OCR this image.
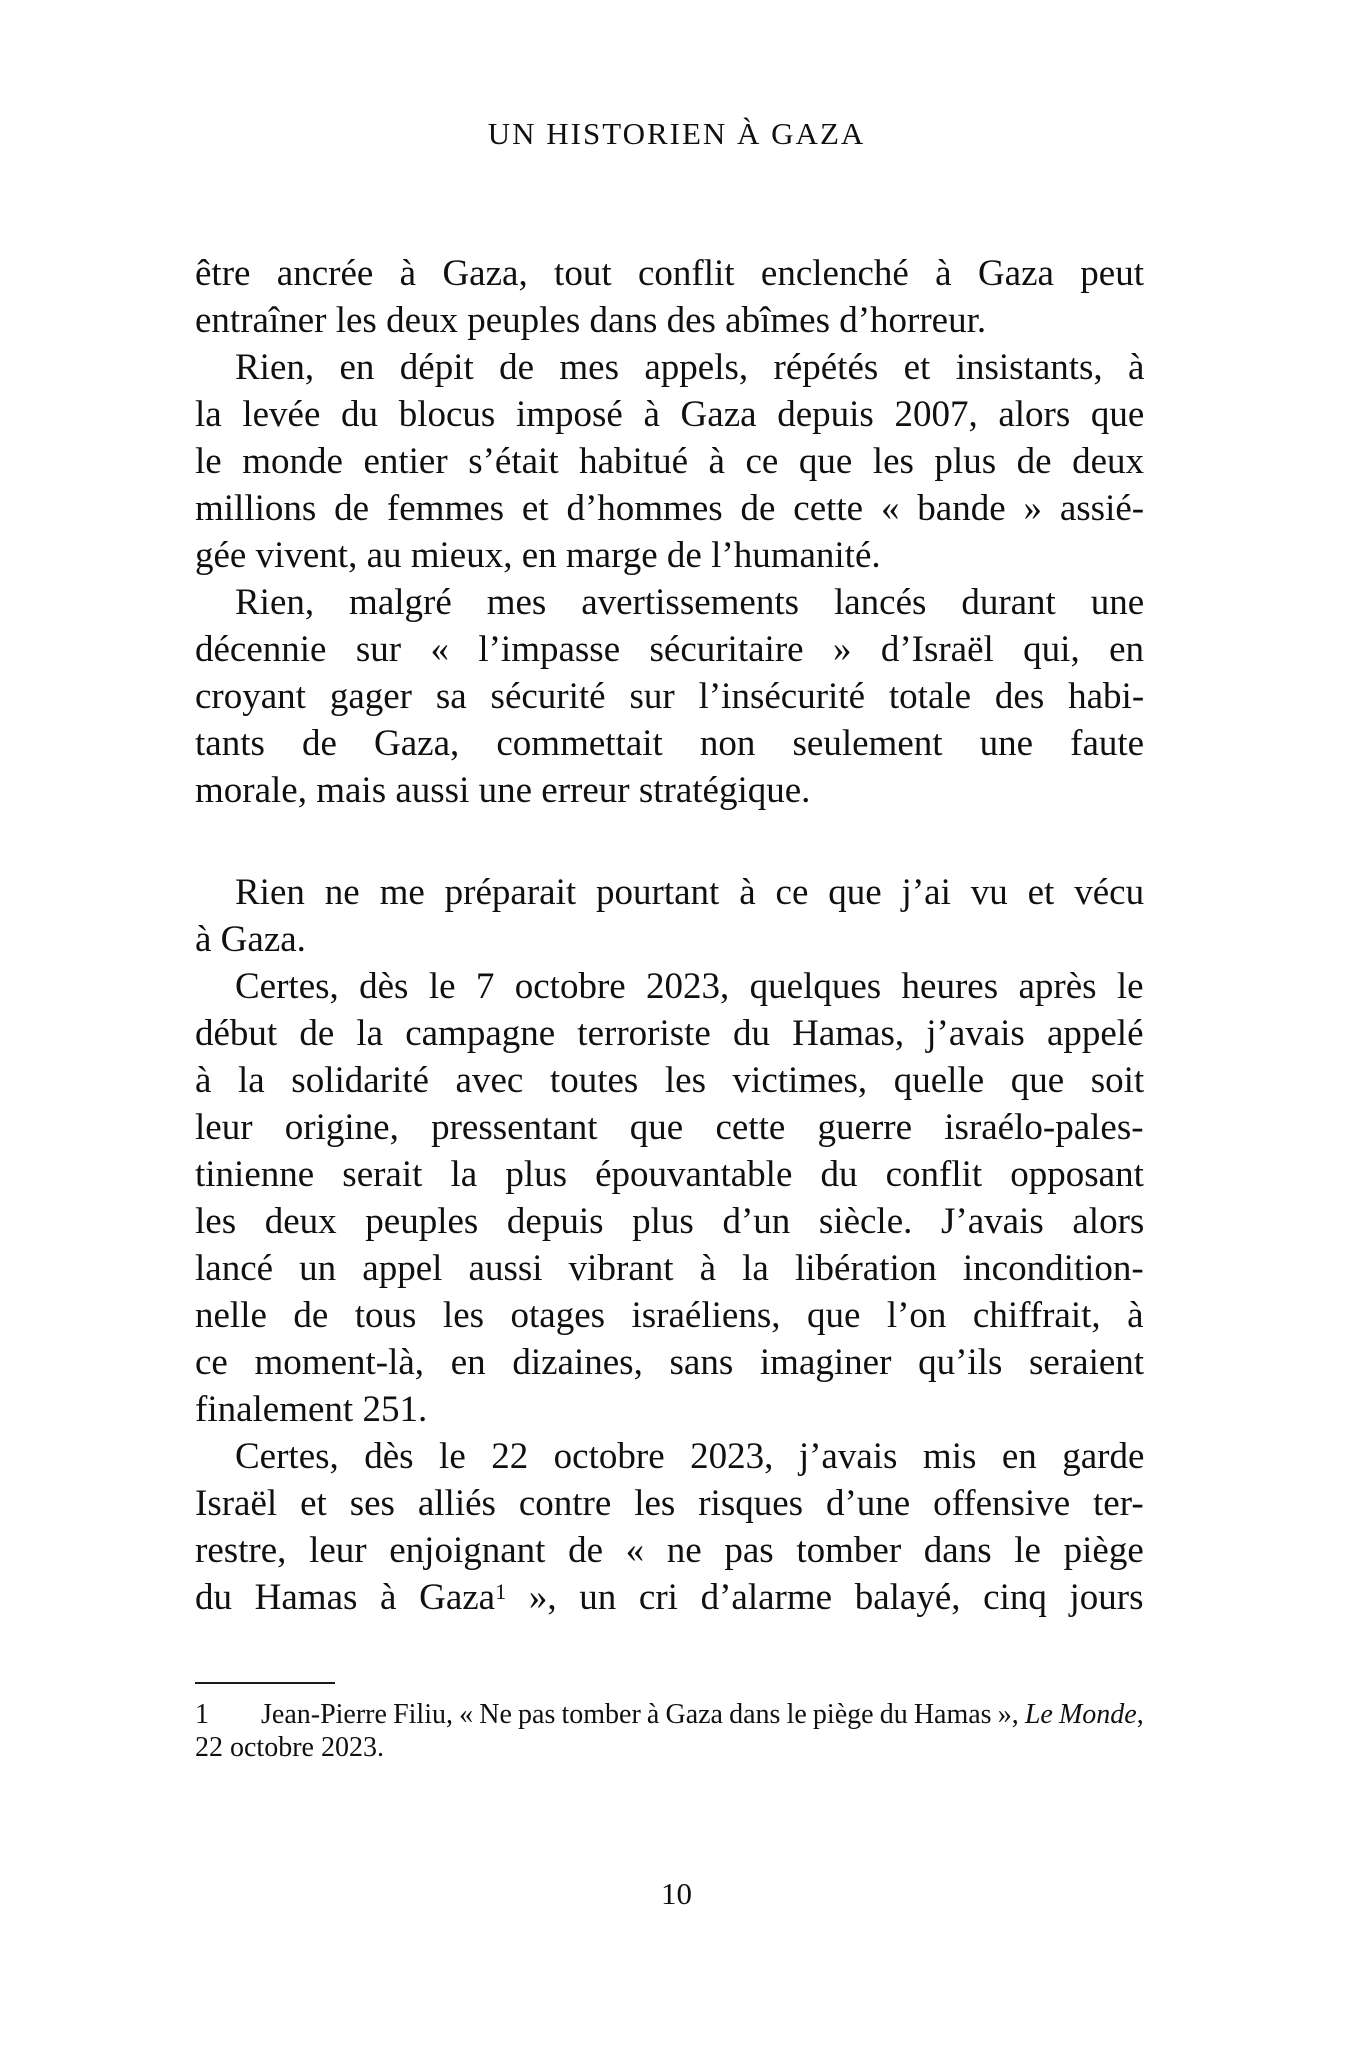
UN HISTORIEN À GAZA
être ancrée à Gaza, tout conflit enclenché à Gaza peut
entraîner les deux peuples dans des abîmes d’horreur.
Rien, en dépit de mes appels, répétés et insistants, à
la levée du blocus imposé à Gaza depuis 2007, alors que
le monde entier s’était habitué à ce que les plus de deux
millions de femmes et d’hommes de cette « bande » assié-
gée vivent, au mieux, en marge de l’humanité.
Rien, malgré mes avertissements lancés durant une
décennie sur « l’impasse sécuritaire » d’Israël qui, en
croyant gager sa sécurité sur l’insécurité totale des habi-
tants de Gaza, commettait non seulement une faute
morale, mais aussi une erreur stratégique.
Rien ne me préparait pourtant à ce que j’ai vu et vécu
à Gaza.
Certes, dès le 7 octobre 2023, quelques heures après le
début de la campagne terroriste du Hamas, j’avais appelé
à la solidarité avec toutes les victimes, quelle que soit
leur origine, pressentant que cette guerre israélo-pales-
tinienne serait la plus épouvantable du conflit opposant
les deux peuples depuis plus d’un siècle. J’avais alors
lancé un appel aussi vibrant à la libération incondition-
nelle de tous les otages israéliens, que l’on chiffrait, à
ce moment-là, en dizaines, sans imaginer qu’ils seraient
finalement 251.
Certes, dès le 22 octobre 2023, j’avais mis en garde
Israël et ses alliés contre les risques d’une offensive ter-
restre, leur enjoignant de « ne pas tomber dans le piège
du Hamas à Gaza$^1$ », un cri d’alarme balayé, cinq jours
1 Jean-Pierre Filiu, « Ne pas tomber à Gaza dans le piège du Hamas », Le Monde,
22 octobre 2023.
10
